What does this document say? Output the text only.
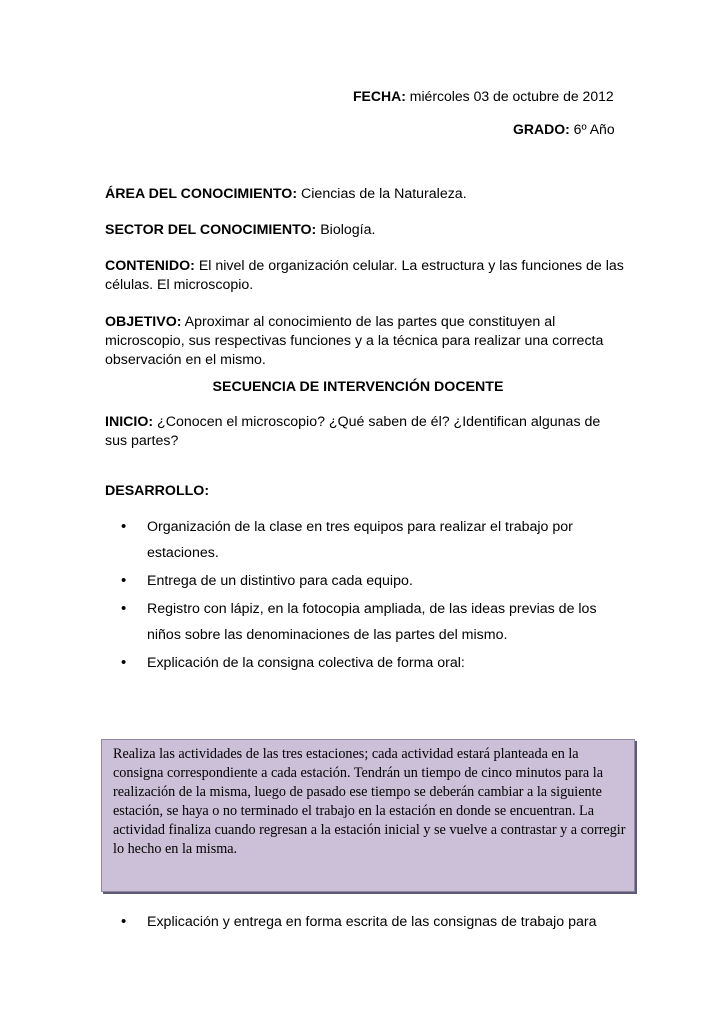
FECHA: miércoles 03 de octubre de 2012
GRADO: 6º Año
ÁREA DEL CONOCIMIENTO: Ciencias de la Naturaleza.
SECTOR DEL CONOCIMIENTO: Biología.
CONTENIDO: El nivel de organización celular. La estructura y las funciones de las células. El microscopio.
OBJETIVO: Aproximar al conocimiento de las partes que constituyen al microscopio, sus respectivas funciones y a la técnica para realizar una correcta observación en el mismo.
SECUENCIA DE INTERVENCIÓN DOCENTE
INICIO: ¿Conocen el microscopio? ¿Qué saben de él? ¿Identifican algunas de sus partes?
DESARROLLO:
• Organización de la clase en tres equipos para realizar el trabajo por estaciones.
• Entrega de un distintivo para cada equipo.
• Registro con lápiz, en la fotocopia ampliada, de las ideas previas de los niños sobre las denominaciones de las partes del mismo.
• Explicación de la consigna colectiva de forma oral:
Realiza las actividades de las tres estaciones; cada actividad estará planteada en la consigna correspondiente a cada estación. Tendrán un tiempo de cinco minutos para la realización de la misma, luego de pasado ese tiempo se deberán cambiar a la siguiente estación, se haya o no terminado el trabajo en la estación en donde se encuentran. La actividad finaliza cuando regresan a la estación inicial y se vuelve a contrastar y a corregir lo hecho en la misma.
• Explicación y entrega en forma escrita de las consignas de trabajo para
